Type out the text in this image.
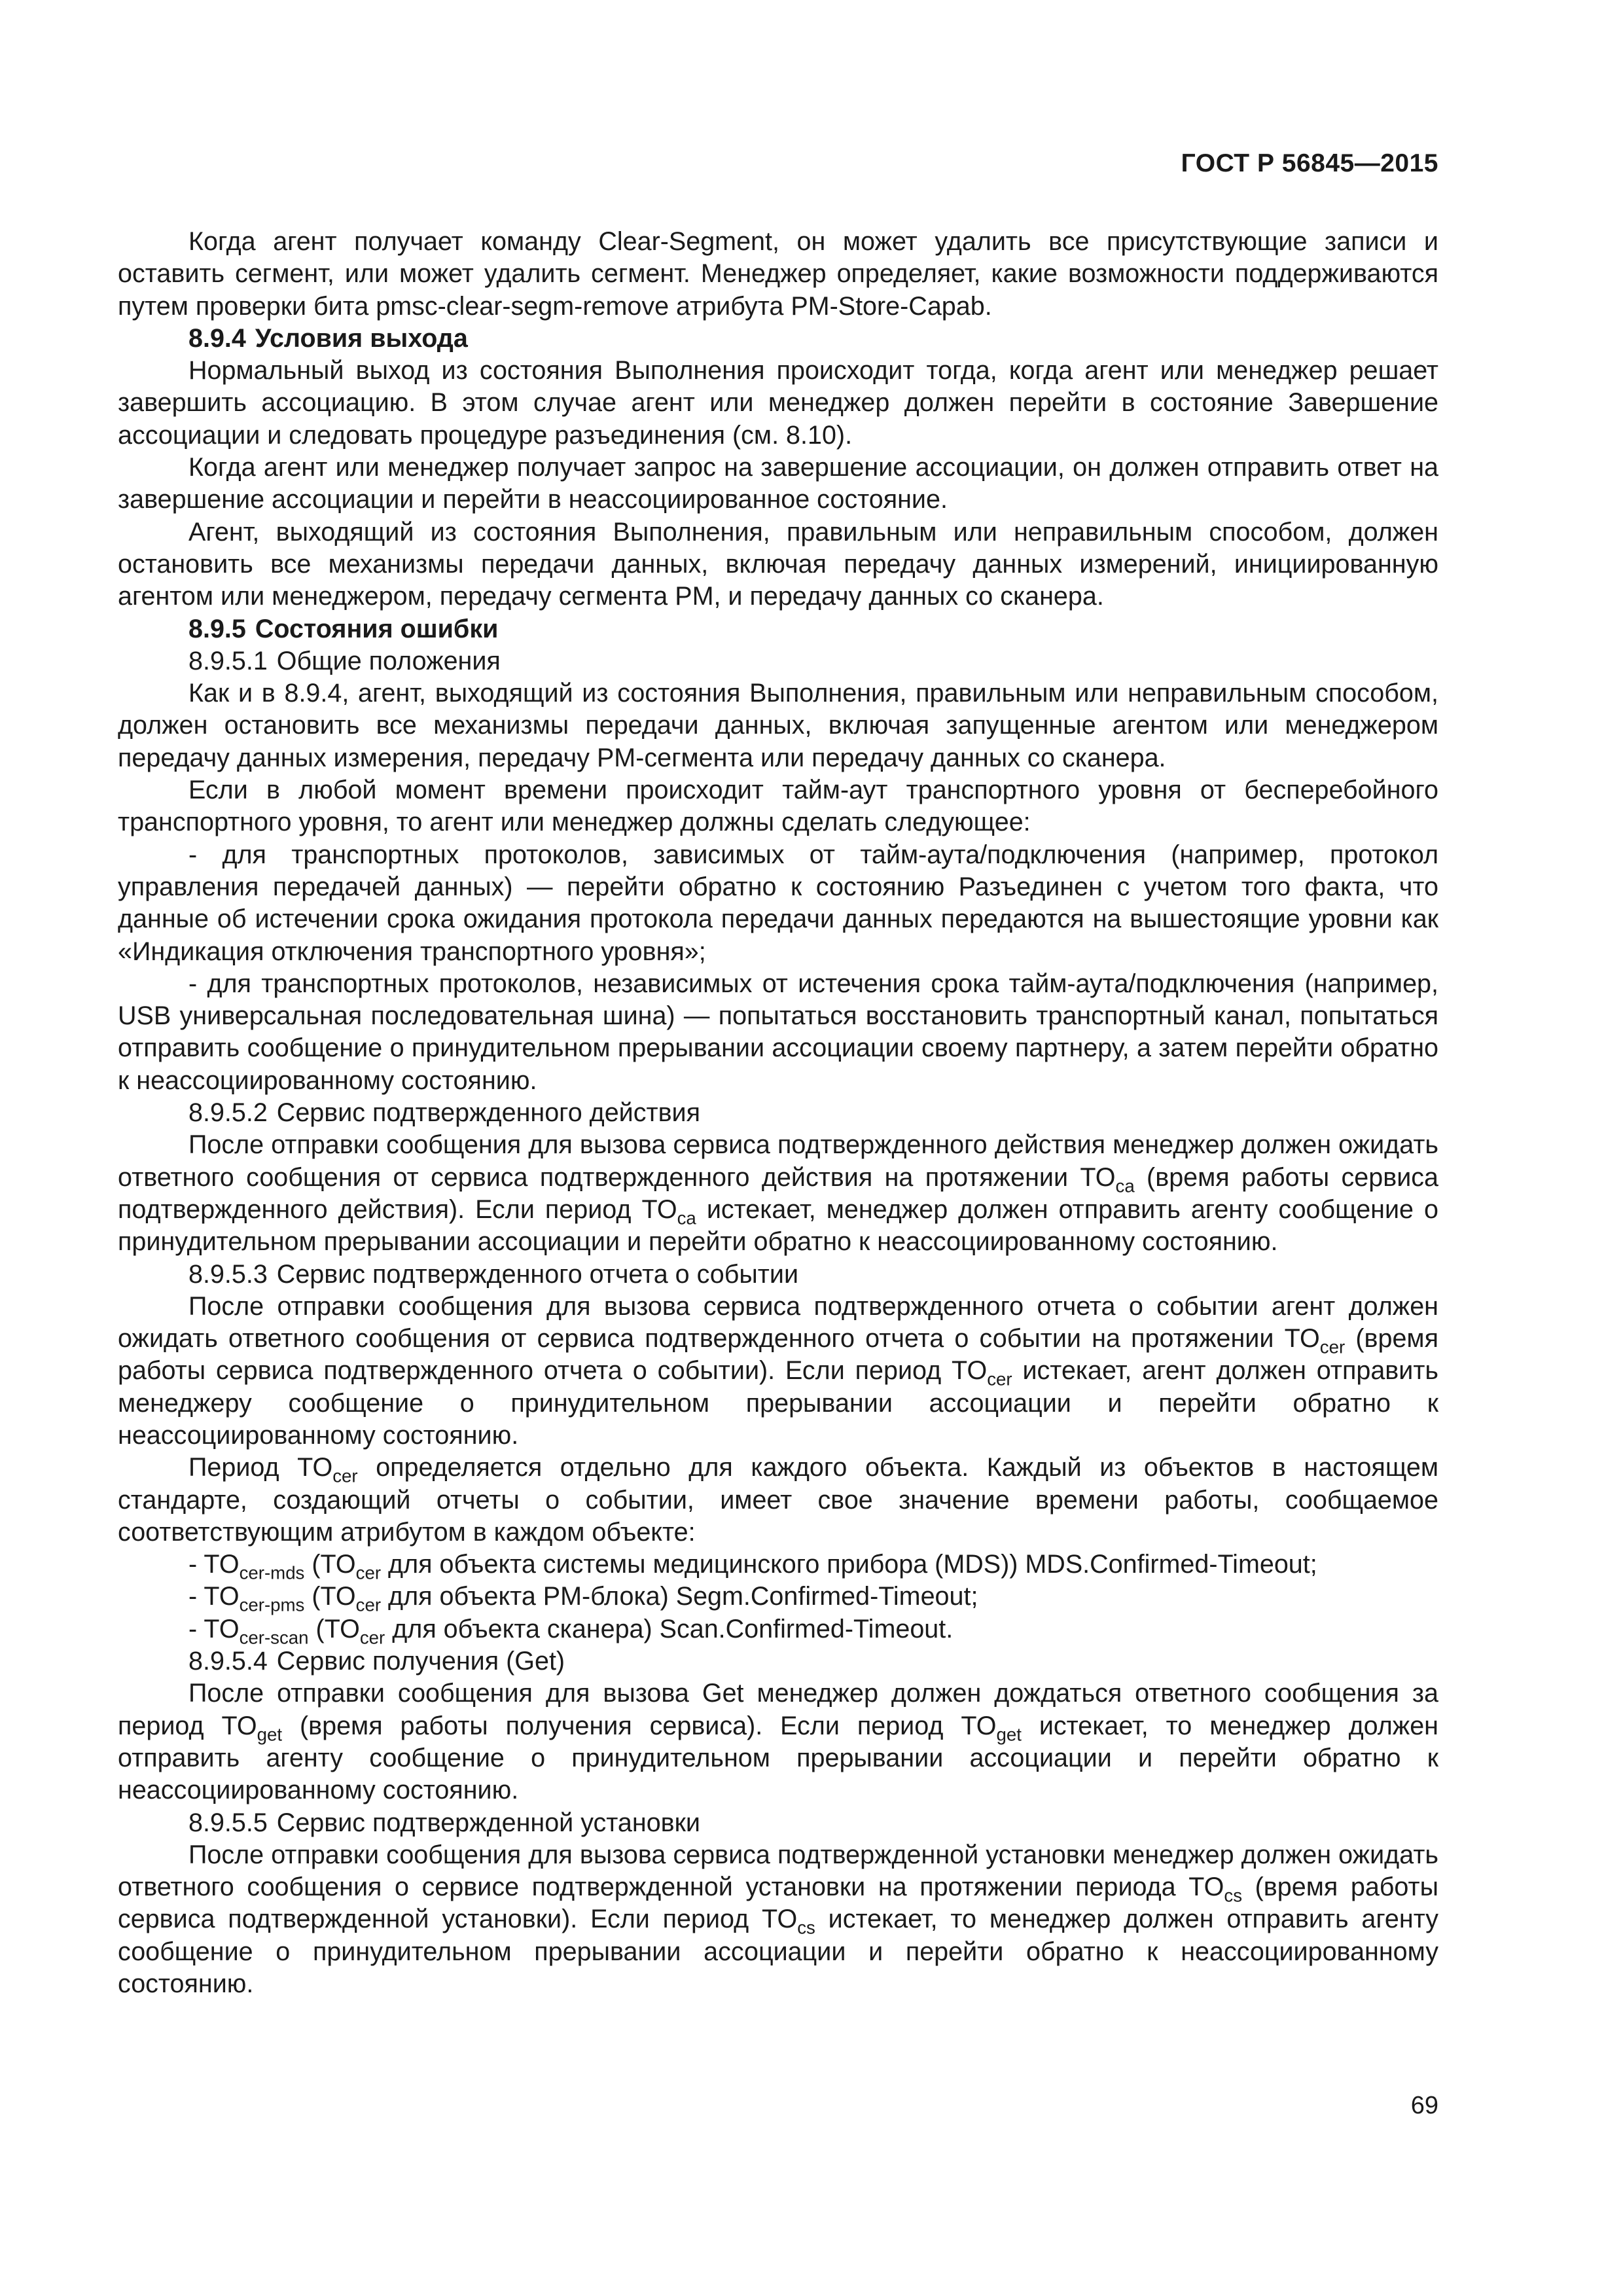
ГОСТ Р 56845—2015

Когда агент получает команду Clear-Segment, он может удалить все присутствующие записи и оставить сегмент, или может удалить сегмент. Менеджер определяет, какие возможности поддерживаются путем проверки бита pmsc-clear-segm-remove атрибута PM-Store-Capab.

8.9.4 Условия выхода

Нормальный выход из состояния Выполнения происходит тогда, когда агент или менеджер решает завершить ассоциацию. В этом случае агент или менеджер должен перейти в состояние Завершение ассоциации и следовать процедуре разъединения (см. 8.10).

Когда агент или менеджер получает запрос на завершение ассоциации, он должен отправить ответ на завершение ассоциации и перейти в неассоциированное состояние.

Агент, выходящий из состояния Выполнения, правильным или неправильным способом, должен остановить все механизмы передачи данных, включая передачу данных измерений, инициированную агентом или менеджером, передачу сегмента PM, и передачу данных со сканера.

8.9.5 Состояния ошибки

8.9.5.1 Общие положения

Как и в 8.9.4, агент, выходящий из состояния Выполнения, правильным или неправильным способом, должен остановить все механизмы передачи данных, включая запущенные агентом или менеджером передачу данных измерения, передачу PM-сегмента или передачу данных со сканера.

Если в любой момент времени происходит тайм-аут транспортного уровня от бесперебойного транспортного уровня, то агент или менеджер должны сделать следующее:

- для транспортных протоколов, зависимых от тайм-аута/подключения (например, протокол управления передачей данных) — перейти обратно к состоянию Разъединен с учетом того факта, что данные об истечении срока ожидания протокола передачи данных передаются на вышестоящие уровни как «Индикация отключения транспортного уровня»;

- для транспортных протоколов, независимых от истечения срока тайм-аута/подключения (например, USB универсальная последовательная шина) — попытаться восстановить транспортный канал, попытаться отправить сообщение о принудительном прерывании ассоциации своему партнеру, а затем перейти обратно к неассоциированному состоянию.

8.9.5.2 Сервис подтвержденного действия

После отправки сообщения для вызова сервиса подтвержденного действия менеджер должен ожидать ответного сообщения от сервиса подтвержденного действия на протяжении $TO_{ca}$ (время работы сервиса подтвержденного действия). Если период $TO_{ca}$ истекает, менеджер должен отправить агенту сообщение о принудительном прерывании ассоциации и перейти обратно к неассоциированному состоянию.

8.9.5.3 Сервис подтвержденного отчета о событии

После отправки сообщения для вызова сервиса подтвержденного отчета о событии агент должен ожидать ответного сообщения от сервиса подтвержденного отчета о событии на протяжении $TO_{cer}$ (время работы сервиса подтвержденного отчета о событии). Если период $TO_{cer}$ истекает, агент должен отправить менеджеру сообщение о принудительном прерывании ассоциации и перейти обратно к неассоциированному состоянию.

Период $TO_{cer}$ определяется отдельно для каждого объекта. Каждый из объектов в настоящем стандарте, создающий отчеты о событии, имеет свое значение времени работы, сообщаемое соответствующим атрибутом в каждом объекте:

- $TO_{cer-mds}$ ($TO_{cer}$ для объекта системы медицинского прибора (MDS)) MDS.Confirmed-Timeout;

- $TO_{cer-pms}$ ($TO_{cer}$ для объекта PM-блока) Segm.Confirmed-Timeout;

- $TO_{cer-scan}$ ($TO_{cer}$ для объекта сканера) Scan.Confirmed-Timeout.

8.9.5.4 Сервис получения (Get)

После отправки сообщения для вызова Get менеджер должен дождаться ответного сообщения за период $TO_{get}$ (время работы получения сервиса). Если период $TO_{get}$ истекает, то менеджер должен отправить агенту сообщение о принудительном прерывании ассоциации и перейти обратно к неассоциированному состоянию.

8.9.5.5 Сервис подтвержденной установки

После отправки сообщения для вызова сервиса подтвержденной установки менеджер должен ожидать ответного сообщения о сервисе подтвержденной установки на протяжении периода $TO_{cs}$ (время работы сервиса подтвержденной установки). Если период $TO_{cs}$ истекает, то менеджер должен отправить агенту сообщение о принудительном прерывании ассоциации и перейти обратно к неассоциированному состоянию.

69
